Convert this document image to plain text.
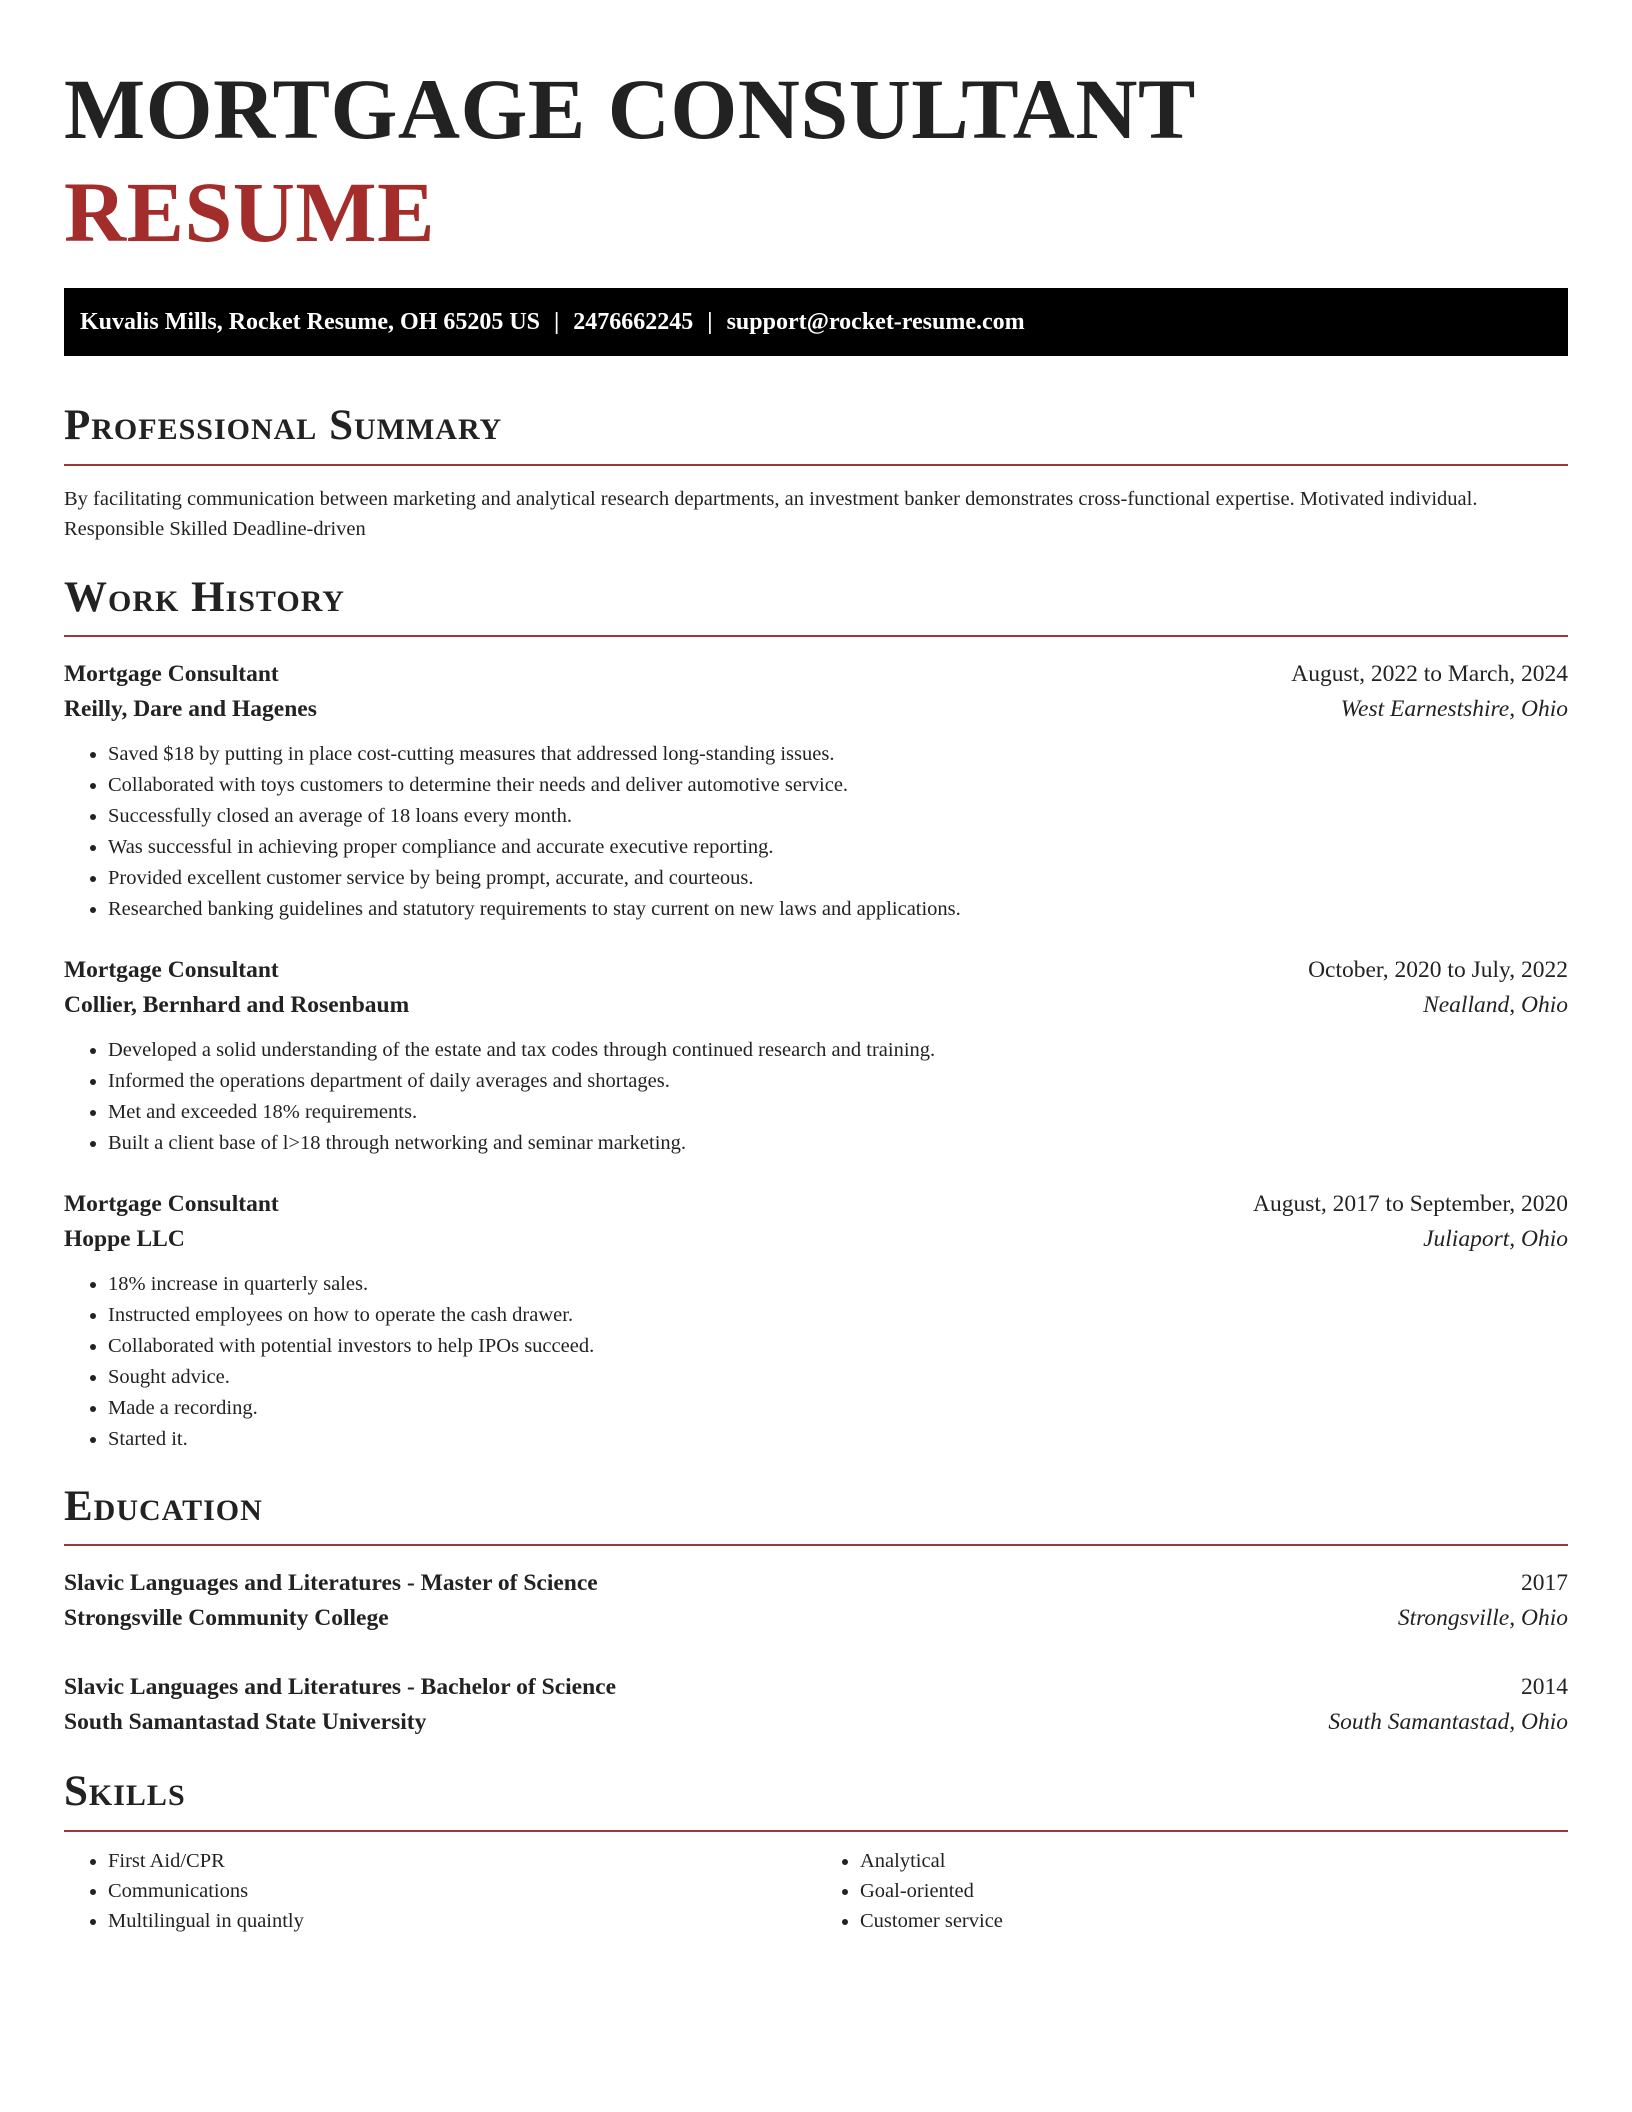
MORTGAGE CONSULTANT RESUME
Kuvalis Mills, Rocket Resume, OH 65205 US | 2476662245 | support@rocket-resume.com
Professional Summary
By facilitating communication between marketing and analytical research departments, an investment banker demonstrates cross-functional expertise. Motivated individual. Responsible Skilled Deadline-driven
Work History
Mortgage Consultant	August, 2022 to March, 2024
Reilly, Dare and Hagenes	West Earnestshire, Ohio
• Saved $18 by putting in place cost-cutting measures that addressed long-standing issues.
• Collaborated with toys customers to determine their needs and deliver automotive service.
• Successfully closed an average of 18 loans every month.
• Was successful in achieving proper compliance and accurate executive reporting.
• Provided excellent customer service by being prompt, accurate, and courteous.
• Researched banking guidelines and statutory requirements to stay current on new laws and applications.
Mortgage Consultant	October, 2020 to July, 2022
Collier, Bernhard and Rosenbaum	Nealland, Ohio
• Developed a solid understanding of the estate and tax codes through continued research and training.
• Informed the operations department of daily averages and shortages.
• Met and exceeded 18% requirements.
• Built a client base of l>18 through networking and seminar marketing.
Mortgage Consultant	August, 2017 to September, 2020
Hoppe LLC	Juliaport, Ohio
• 18% increase in quarterly sales.
• Instructed employees on how to operate the cash drawer.
• Collaborated with potential investors to help IPOs succeed.
• Sought advice.
• Made a recording.
• Started it.
Education
Slavic Languages and Literatures - Master of Science	2017
Strongsville Community College	Strongsville, Ohio
Slavic Languages and Literatures - Bachelor of Science	2014
South Samantastad State University	South Samantastad, Ohio
Skills
• First Aid/CPR
• Communications
• Multilingual in quaintly
• Analytical
• Goal-oriented
• Customer service
